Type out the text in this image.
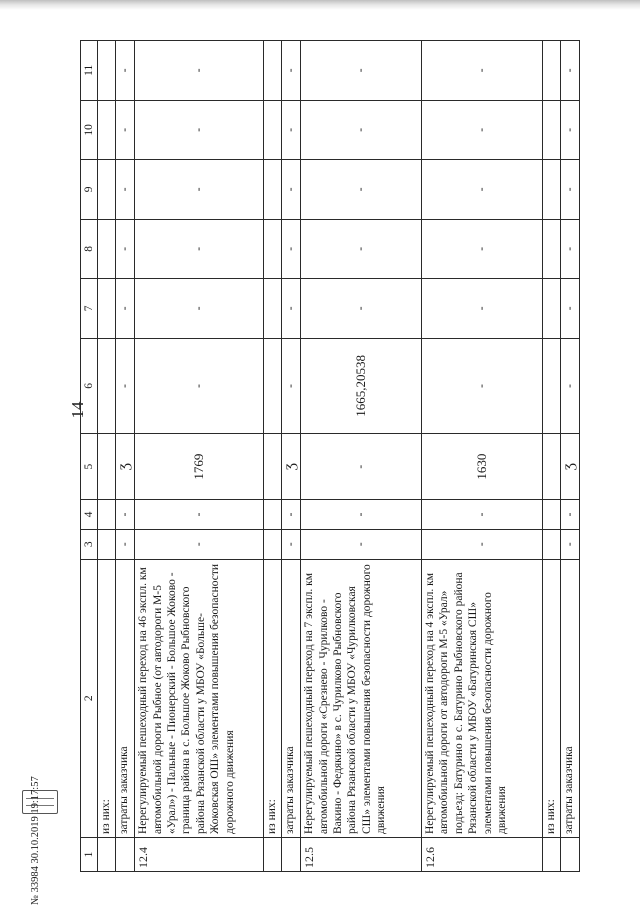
14
1	2	3	4	5	6	7	8	9	10	11
	из них:									
	затраты заказчика	-	-	Ʒ	-	-	-	-	-	-
12.4	Нерегулируемый пешеходный переход на 46 экспл. км автомобильной дороги Рыбное (от автодороги М-5 «Урал») - Пальные - Пионерский - Большое Жоково - граница района в с. Большое Жоково Рыбновского района Рязанской области у МБОУ «Больше-Жоковская ОШ» элементами повышения безопасности дорожного движения	-	-	1769	-	-	-	-	-	-
	из них:									
	затраты заказчика	-	-	Ʒ	-	-	-	-	-	-
12.5	Нерегулируемый пешеходный переход на 7 экспл. км автомобильной дороги «Срезнево - Чурилково - Вакино - Федякино» в с. Чурилково Рыбновского района Рязанской области у МБОУ «Чурилковская СШ» элементами повышения безопасности дорожного движения	-	-	-	1665,20538	-	-	-	-	-
12.6	Нерегулируемый пешеходный переход на 4 экспл. км автомобильной дороги от автодороги М-5 «Урал» подъезд: Батурино в с. Батурино Рыбновского района Рязанской области у МБОУ «Батуринская СШ» элементами повышения безопасности дорожного движения	-	-	1630	-	-	-	-	-	-
	из них:									
	затраты заказчика	-	-	Ʒ	-	-	-	-	-	-
№ 33984 30.10.2019 19:17:57
